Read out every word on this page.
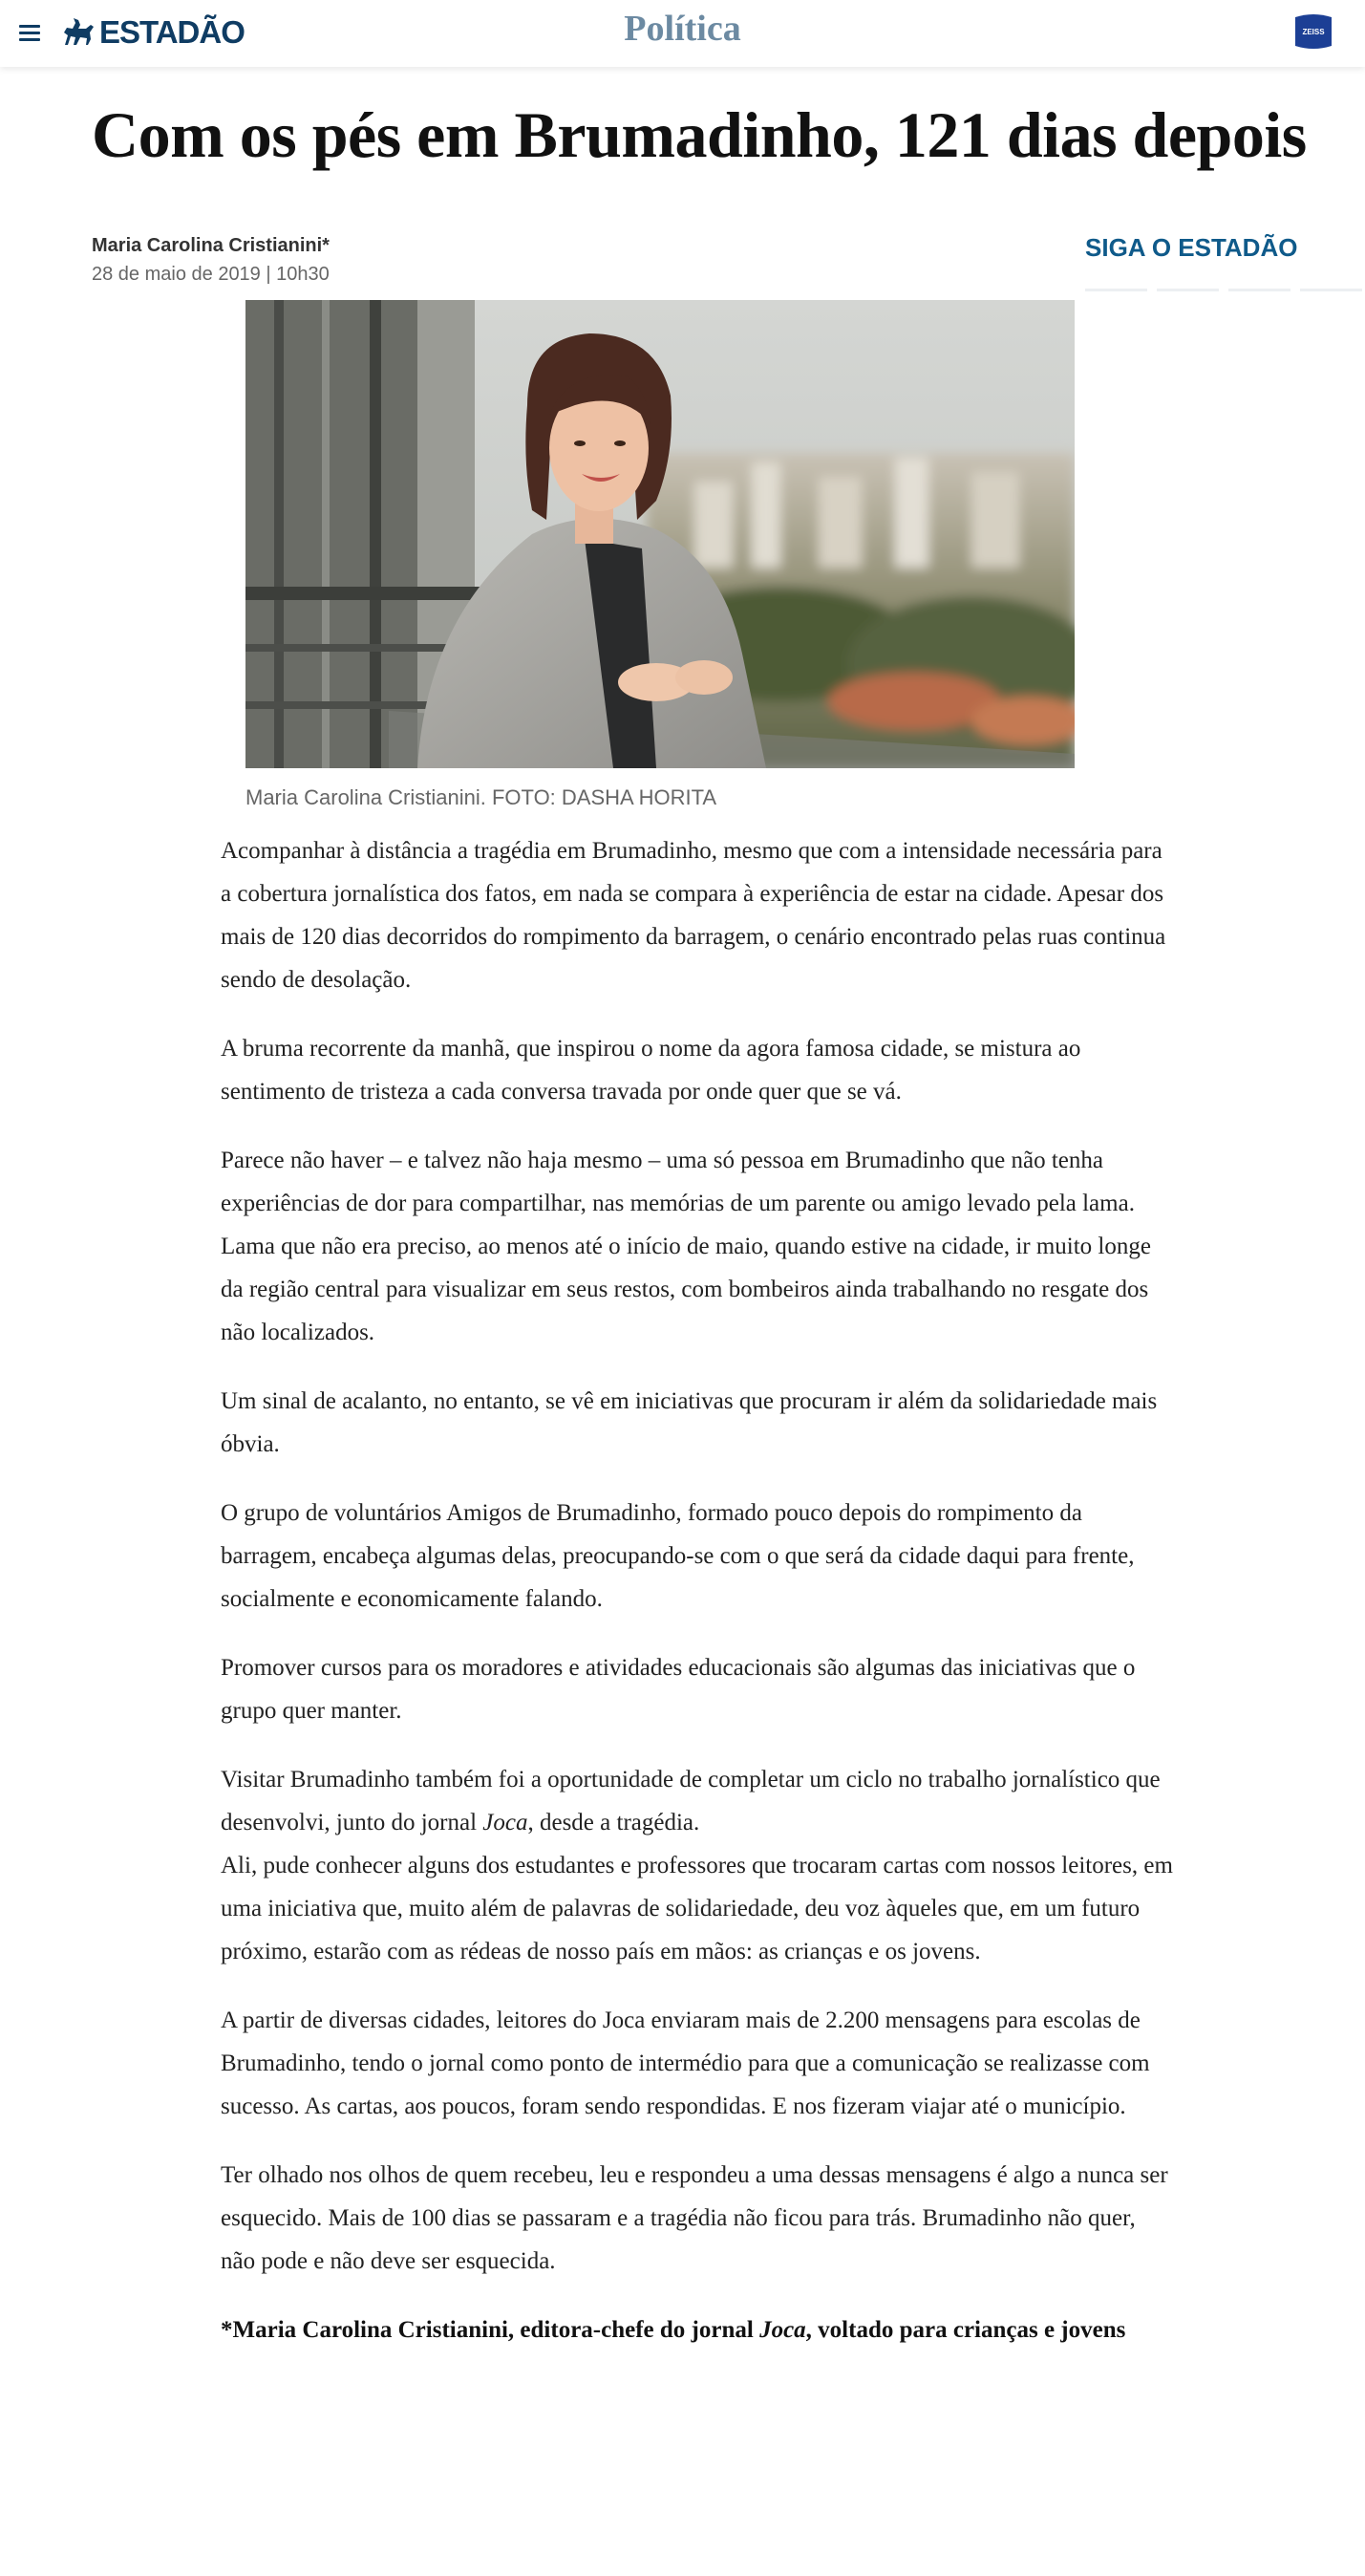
ESTADÃO	Política	ZEISS
Com os pés em Brumadinho, 121 dias depois
Maria Carolina Cristianini*
28 de maio de 2019 | 10h30
SIGA O ESTADÃO
Maria Carolina Cristianini. FOTO: DASHA HORITA

Acompanhar à distância a tragédia em Brumadinho, mesmo que com a intensidade necessária para a cobertura jornalística dos fatos, em nada se compara à experiência de estar na cidade. Apesar dos mais de 120 dias decorridos do rompimento da barragem, o cenário encontrado pelas ruas continua sendo de desolação.

A bruma recorrente da manhã, que inspirou o nome da agora famosa cidade, se mistura ao sentimento de tristeza a cada conversa travada por onde quer que se vá.

Parece não haver – e talvez não haja mesmo – uma só pessoa em Brumadinho que não tenha experiências de dor para compartilhar, nas memórias de um parente ou amigo levado pela lama.

Lama que não era preciso, ao menos até o início de maio, quando estive na cidade, ir muito longe da região central para visualizar em seus restos, com bombeiros ainda trabalhando no resgate dos não localizados.

Um sinal de acalanto, no entanto, se vê em iniciativas que procuram ir além da solidariedade mais óbvia.

O grupo de voluntários Amigos de Brumadinho, formado pouco depois do rompimento da barragem, encabeça algumas delas, preocupando-se com o que será da cidade daqui para frente, socialmente e economicamente falando.

Promover cursos para os moradores e atividades educacionais são algumas das iniciativas que o grupo quer manter.

Visitar Brumadinho também foi a oportunidade de completar um ciclo no trabalho jornalístico que desenvolvi, junto do jornal Joca, desde a tragédia.

Ali, pude conhecer alguns dos estudantes e professores que trocaram cartas com nossos leitores, em uma iniciativa que, muito além de palavras de solidariedade, deu voz àqueles que, em um futuro próximo, estarão com as rédeas de nosso país em mãos: as crianças e os jovens.

A partir de diversas cidades, leitores do Joca enviaram mais de 2.200 mensagens para escolas de Brumadinho, tendo o jornal como ponto de intermédio para que a comunicação se realizasse com sucesso. As cartas, aos poucos, foram sendo respondidas. E nos fizeram viajar até o município.

Ter olhado nos olhos de quem recebeu, leu e respondeu a uma dessas mensagens é algo a nunca ser esquecido. Mais de 100 dias se passaram e a tragédia não ficou para trás. Brumadinho não quer, não pode e não deve ser esquecida.

*Maria Carolina Cristianini, editora-chefe do jornal Joca, voltado para crianças e jovens
